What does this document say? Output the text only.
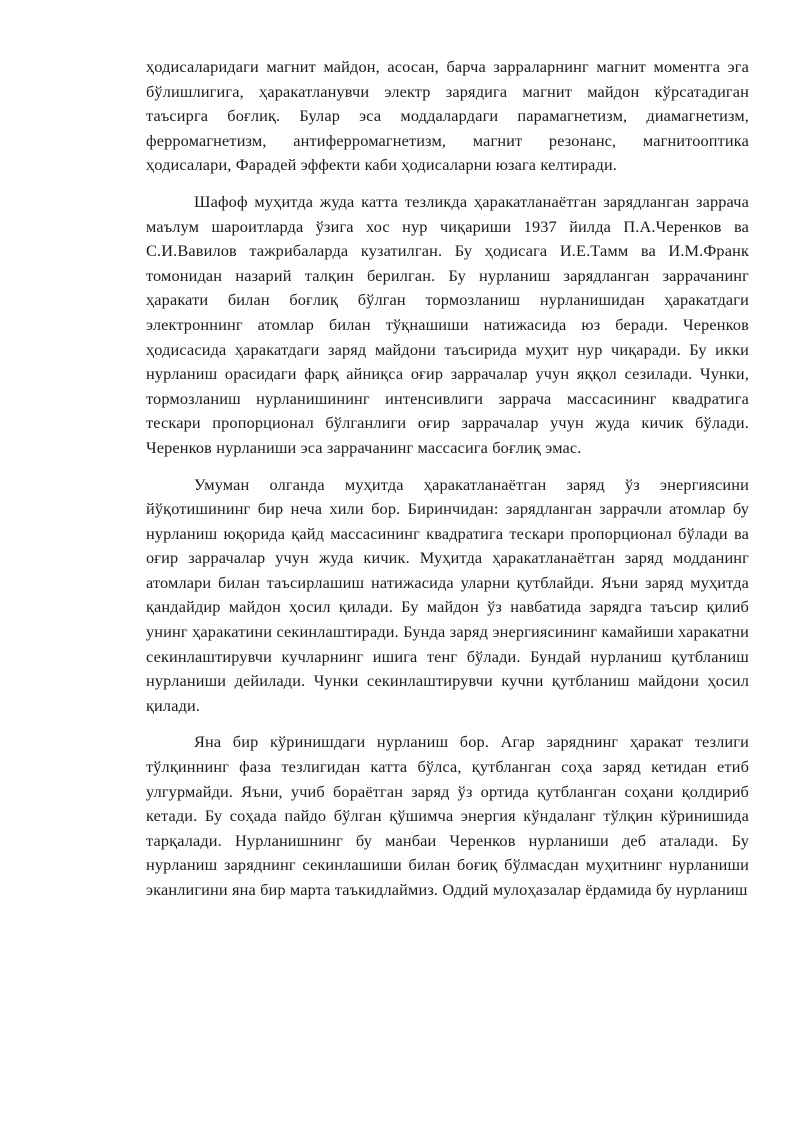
ҳодисаларидаги магнит майдон, асосан, барча зарраларнинг магнит моментга эга бўлишлигига, ҳаракатланувчи электр зарядига магнит майдон кўрсатадиган таъсирга боғлиқ. Булар эса моддалардаги парамагнетизм, диамагнетизм, ферромагнетизм, антиферромагнетизм, магнит резонанс, магнитооптика ҳодисалари, Фарадей эффекти каби ҳодисаларни юзага келтиради.

Шафоф муҳитда жуда катта тезликда ҳаракатланаётган зарядланган заррача маълум шароитларда ўзига хос нур чиқариши 1937 йилда П.А.Черенков ва С.И.Вавилов тажрибаларда кузатилган. Бу ҳодисага И.Е.Тамм ва И.М.Франк томонидан назарий талқин берилган. Бу нурланиш зарядланган заррачанинг ҳаракати билан боғлиқ бўлган тормозланиш нурланишидан ҳаракатдаги электроннинг атомлар билан тўқнашиши натижасида юз беради. Черенков ҳодисасида ҳаракатдаги заряд майдони таъсирида муҳит нур чиқаради. Бу икки нурланиш орасидаги фарқ айниқса оғир заррачалар учун яққол сезилади. Чунки, тормозланиш нурланишининг интенсивлиги заррача массасининг квадратига тескари пропорционал бўлганлиги оғир заррачалар учун жуда кичик бўлади. Черенков нурланиши эса заррачанинг массасига боғлиқ эмас.

Умуман олганда муҳитда ҳаракатланаётган заряд ўз энергиясини йўқотишининг бир неча хили бор. Биринчидан: зарядланган заррачли атомлар бу нурланиш юқорида қайд массасининг квадратига тескари пропорционал бўлади ва оғир заррачалар учун жуда кичик. Муҳитда ҳаракатланаётган заряд модданинг атомлари билан таъсирлашиш натижасида уларни қутблайди. Яъни заряд муҳитда қандайдир майдон ҳосил қилади. Бу майдон ўз навбатида зарядга таъсир қилиб унинг ҳаракатини секинлаштиради. Бунда заряд энергиясининг камайиши харакатни секинлаштирувчи кучларнинг ишига тенг бўлади. Бундай нурланиш қутбланиш нурланиши дейилади. Чунки секинлаштирувчи кучни қутбланиш майдони ҳосил қилади.

Яна бир кўринишдаги нурланиш бор. Агар заряднинг ҳаракат тезлиги тўлқиннинг фаза тезлигидан катта бўлса, қутбланган соҳа заряд кетидан етиб улгурмайди. Яъни, учиб бораётган заряд ўз ортида қутбланган соҳани қолдириб кетади. Бу соҳада пайдо бўлган қўшимча энергия кўндаланг тўлқин кўринишида тарқалади. Нурланишнинг бу манбаи Черенков нурланиши деб аталади. Бу нурланиш заряднинг секинлашиши билан боғиқ бўлмасдан муҳитнинг нурланиши эканлигини яна бир марта таъкидлаймиз. Оддий мулоҳазалар ёрдамида бу нурланиш
